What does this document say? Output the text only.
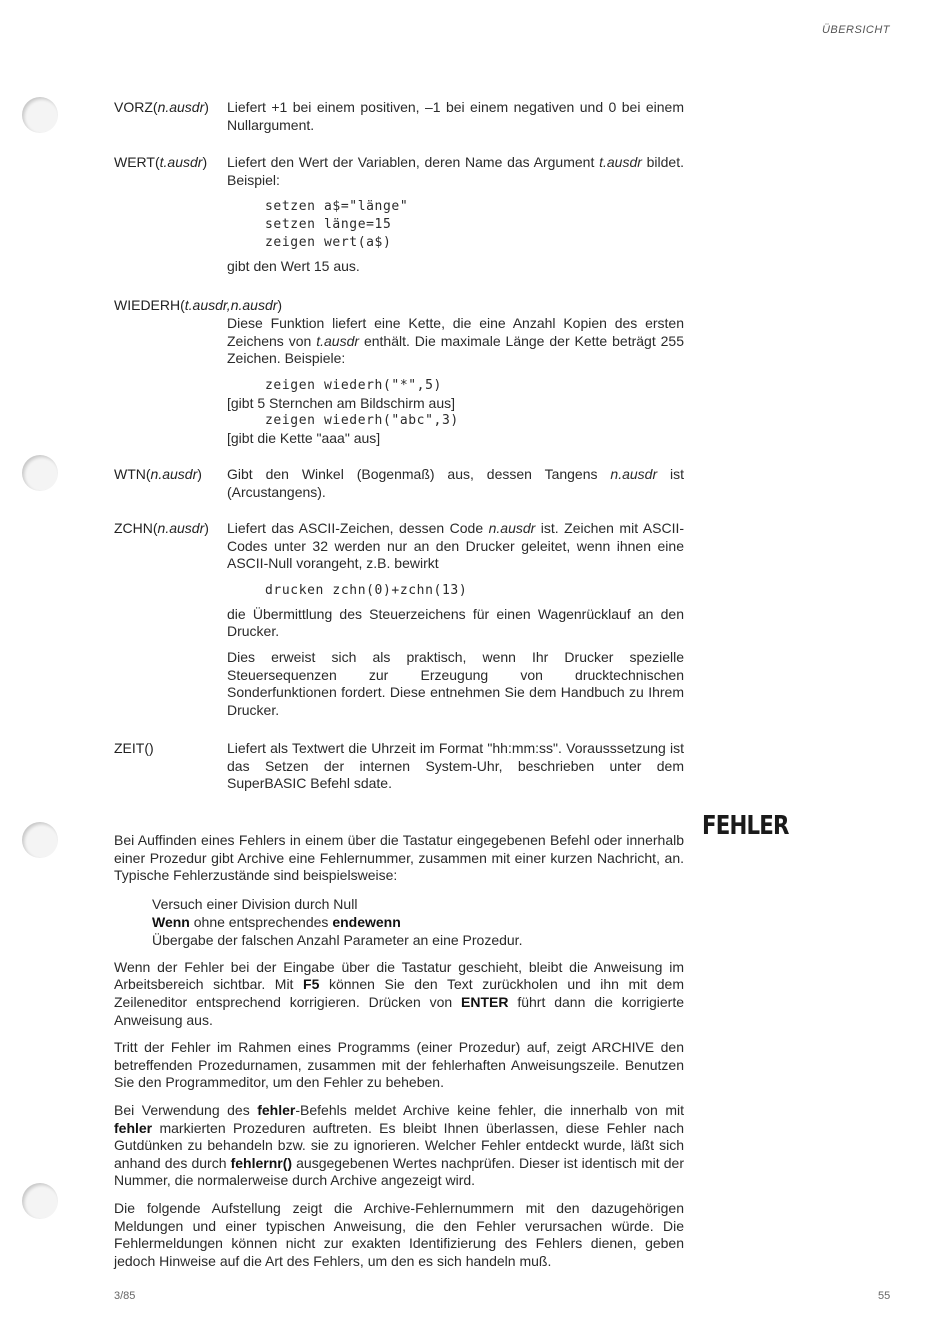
ÜBERSICHT
VORZ(n.ausdr) Liefert +1 bei einem positiven, –1 bei einem negativen und 0 bei einem Nullargument.

WERT(t.ausdr) Liefert den Wert der Variablen, deren Name das Argument t.ausdr bildet. Beispiel:

setzen a$="länge"
setzen länge=15
zeigen wert(a$)

gibt den Wert 15 aus.

WIEDERH(t.ausdr,n.ausdr)

Diese Funktion liefert eine Kette, die eine Anzahl Kopien des ersten Zeichens von t.ausdr enthält. Die maximale Länge der Kette beträgt 255 Zeichen. Beispiele:

zeigen wiederh("*",5)

[gibt 5 Sternchen am Bildschirm aus]

zeigen wiederh("abc",3)

[gibt die Kette "aaa" aus]

WTN(n.ausdr) Gibt den Winkel (Bogenmaß) aus, dessen Tangens n.ausdr ist (Arcustangens).

ZCHN(n.ausdr) Liefert das ASCII-Zeichen, dessen Code n.ausdr ist. Zeichen mit ASCII-Codes unter 32 werden nur an den Drucker geleitet, wenn ihnen eine ASCII-Null vorangeht, z.B. bewirkt

drucken zchn(0)+zchn(13)

die Übermittlung des Steuerzeichens für einen Wagenrücklauf an den Drucker.

Dies erweist sich als praktisch, wenn Ihr Drucker spezielle Steuersequenzen zur Erzeugung von drucktechnischen Sonderfunktionen fordert. Diese entnehmen Sie dem Handbuch zu Ihrem Drucker.

ZEIT()	Liefert als Textwert die Uhrzeit im Format "hh:mm:ss". Vorausssetzung ist das Setzen der internen System-Uhr, beschrieben unter dem SuperBASIC Befehl sdate.

FEHLER

Bei Auffinden eines Fehlers in einem über die Tastatur eingegebenen Befehl oder innerhalb einer Prozedur gibt Archive eine Fehlernummer, zusammen mit einer kurzen Nachricht, an. Typische Fehlerzustände sind beispielsweise:

Versuch einer Division durch Null
Wenn ohne entsprechendes endewenn
Übergabe der falschen Anzahl Parameter an eine Prozedur.

Wenn der Fehler bei der Eingabe über die Tastatur geschieht, bleibt die Anweisung im Arbeitsbereich sichtbar. Mit F5 können Sie den Text zurückholen und ihn mit dem Zeileneditor entsprechend korrigieren. Drücken von ENTER führt dann die korrigierte Anweisung aus.

Tritt der Fehler im Rahmen eines Programms (einer Prozedur) auf, zeigt ARCHIVE den betreffenden Prozedurnamen, zusammen mit der fehlerhaften Anweisungszeile. Benutzen Sie den Programmeditor, um den Fehler zu beheben.

Bei Verwendung des fehler-Befehls meldet Archive keine fehler, die innerhalb von mit fehler markierten Prozeduren auftreten. Es bleibt Ihnen überlassen, diese Fehler nach Gutdünken zu behandeln bzw. sie zu ignorieren. Welcher Fehler entdeckt wurde, läßt sich anhand des durch fehlernr() ausgegebenen Wertes nachprüfen. Dieser ist identisch mit der Nummer, die normalerweise durch Archive angezeigt wird.

Die folgende Aufstellung zeigt die Archive-Fehlernummern mit den dazugehörigen Meldungen und einer typischen Anweisung, die den Fehler verursachen würde. Die Fehlermeldungen können nicht zur exakten Identifizierung des Fehlers dienen, geben jedoch Hinweise auf die Art des Fehlers, um den es sich handeln muß.

3/85	55
